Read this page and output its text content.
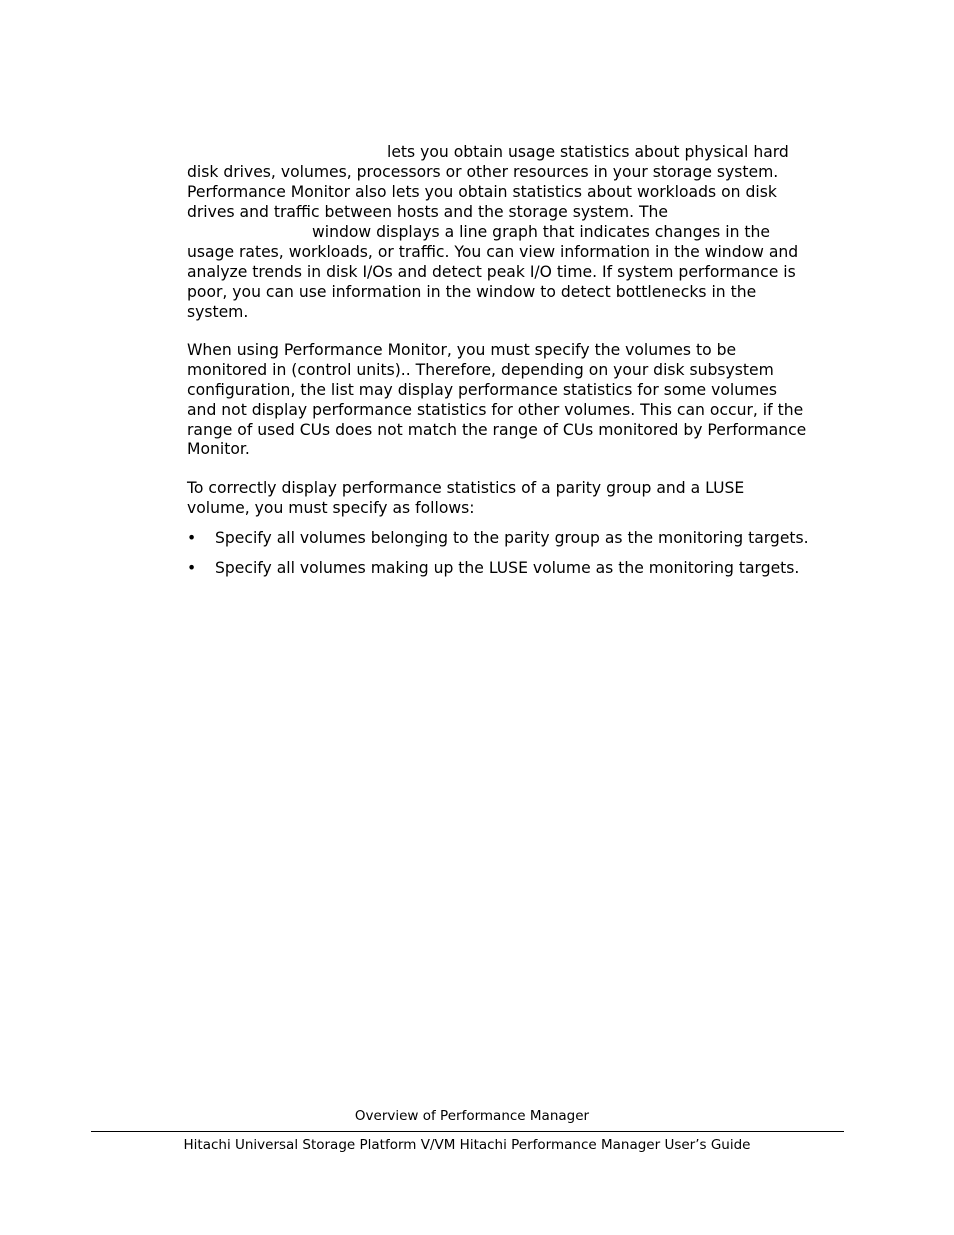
lets you obtain usage statistics about physical hard
disk drives, volumes, processors or other resources in your storage system.
Performance Monitor also lets you obtain statistics about workloads on disk
drives and traffic between hosts and the storage system. The
window displays a line graph that indicates changes in the
usage rates, workloads, or traffic. You can view information in the window and
analyze trends in disk I/Os and detect peak I/O time. If system performance is
poor, you can use information in the window to detect bottlenecks in the
system.
When using Performance Monitor, you must specify the volumes to be
monitored in (control units).. Therefore, depending on your disk subsystem
configuration, the list may display performance statistics for some volumes
and not display performance statistics for other volumes. This can occur, if the
range of used CUs does not match the range of CUs monitored by Performance
Monitor.
To correctly display performance statistics of a parity group and a LUSE
volume, you must specify as follows:
• Specify all volumes belonging to the parity group as the monitoring targets.
• Specify all volumes making up the LUSE volume as the monitoring targets.
Overview of Performance Manager
Hitachi Universal Storage Platform V/VM Hitachi Performance Manager User’s Guide
